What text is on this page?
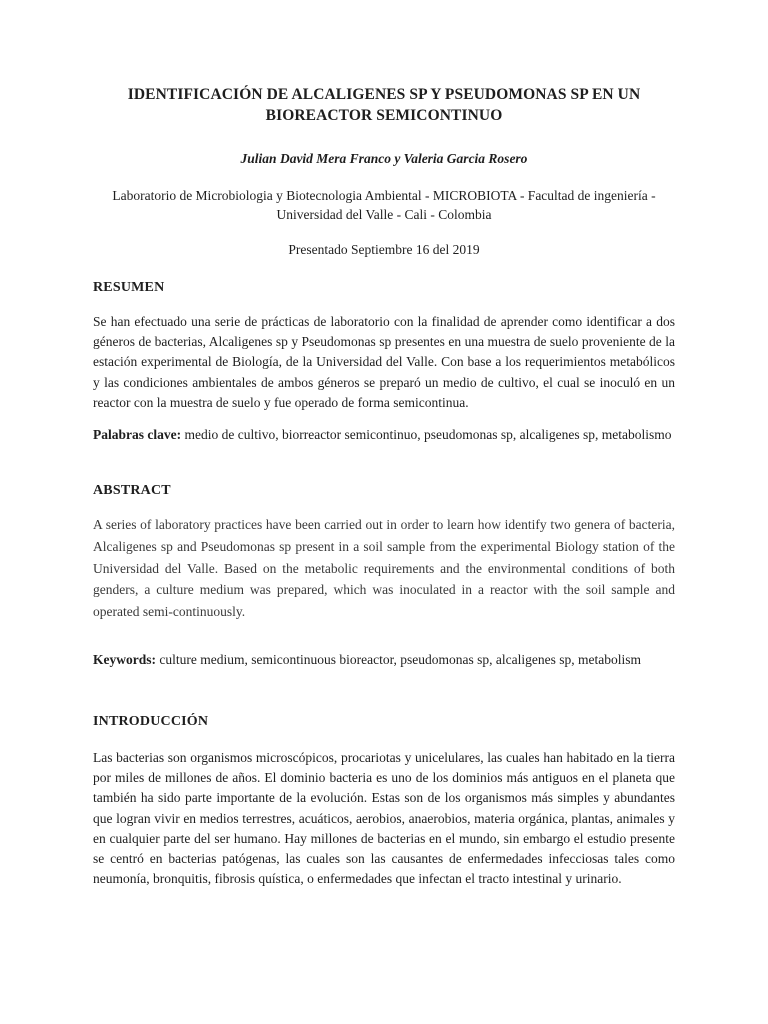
IDENTIFICACIÓN DE ALCALIGENES SP Y PSEUDOMONAS SP EN UN BIOREACTOR SEMICONTINUO

Julian David Mera Franco y Valeria Garcia Rosero

Laboratorio de Microbiologia y Biotecnologia Ambiental - MICROBIOTA - Facultad de ingeniería - Universidad del Valle - Cali - Colombia

Presentado Septiembre 16 del 2019

RESUMEN

Se han efectuado una serie de prácticas de laboratorio con la finalidad de aprender como identificar a dos géneros de bacterias, Alcaligenes sp y Pseudomonas sp presentes en una muestra de suelo proveniente de la estación experimental de Biología, de la Universidad del Valle. Con base a los requerimientos metabólicos y las condiciones ambientales de ambos géneros se preparó un medio de cultivo, el cual se inoculó en un reactor con la muestra de suelo y fue operado de forma semicontinua.

Palabras clave: medio de cultivo, biorreactor semicontinuo, pseudomonas sp, alcaligenes sp, metabolismo

ABSTRACT

A series of laboratory practices have been carried out in order to learn how identify two genera of bacteria, Alcaligenes sp and Pseudomonas sp present in a soil sample from the experimental Biology station of the Universidad del Valle. Based on the metabolic requirements and the environmental conditions of both genders, a culture medium was prepared, which was inoculated in a reactor with the soil sample and operated semi-continuously.

Keywords: culture medium, semicontinuous bioreactor, pseudomonas sp, alcaligenes sp, metabolism

INTRODUCCIÓN

Las bacterias son organismos microscópicos, procariotas y unicelulares, las cuales han habitado en la tierra por miles de millones de años. El dominio bacteria es uno de los dominios más antiguos en el planeta que también ha sido parte importante de la evolución. Estas son de los organismos más simples y abundantes que logran vivir en medios terrestres, acuáticos, aerobios, anaerobios, materia orgánica, plantas, animales y en cualquier parte del ser humano. Hay millones de bacterias en el mundo, sin embargo el estudio presente se centró en bacterias patógenas, las cuales son las causantes de enfermedades infecciosas tales como neumonía, bronquitis, fibrosis quística, o enfermedades que infectan el tracto intestinal y urinario.
